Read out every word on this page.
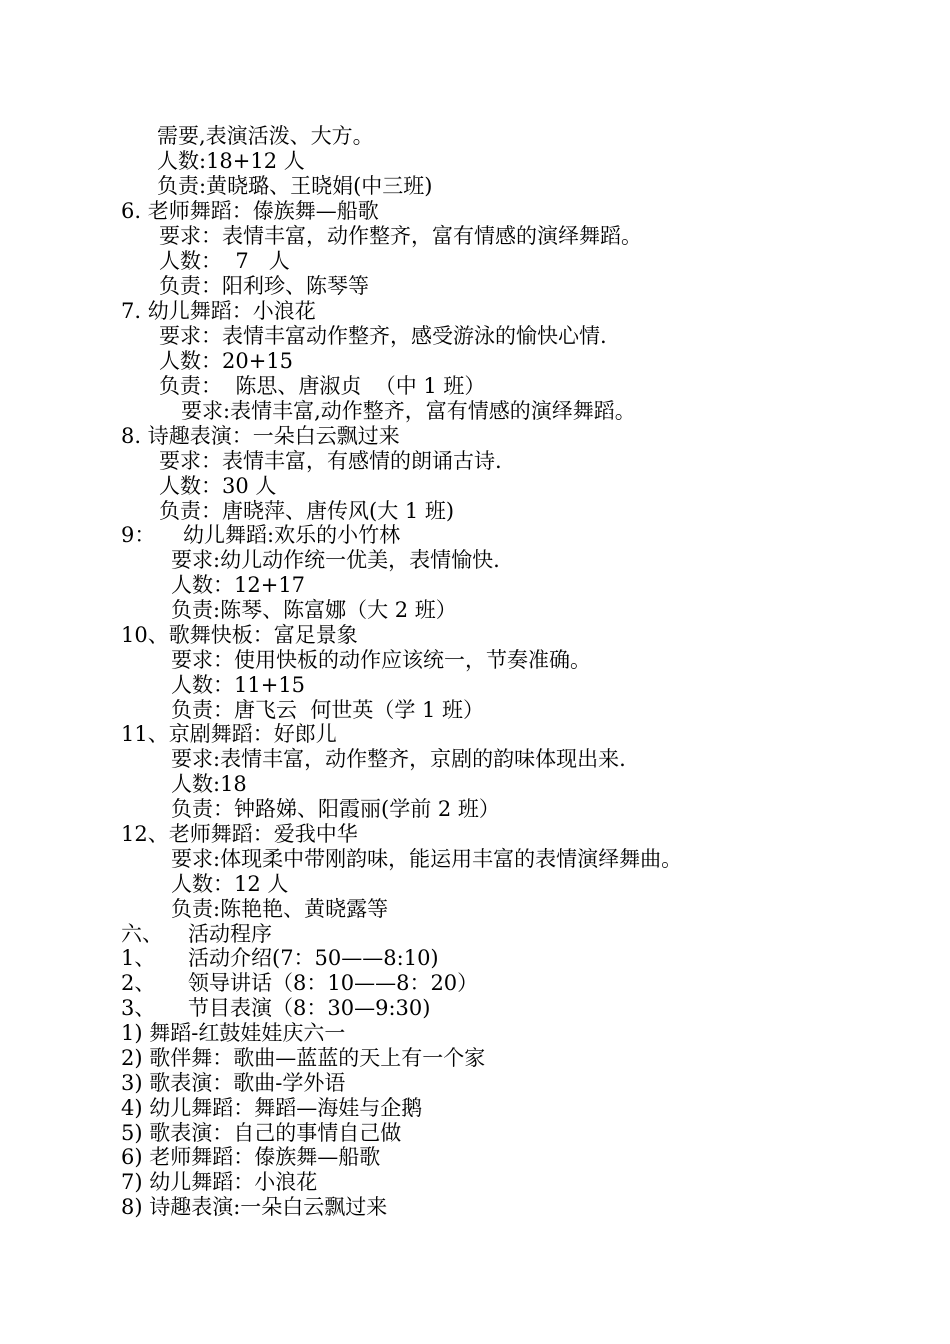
需要,表演活泼、大方。
人数:18+12 人
负责:黄晓璐、王晓娟(中三班)
6. 老师舞蹈：傣族舞—船歌
要求：表情丰富，动作整齐，富有情感的演绎舞蹈。
人数：  7   人
负责：阳利珍、陈琴等
7. 幼儿舞蹈：小浪花
要求：表情丰富动作整齐，感受游泳的愉快心情.
人数：20+15
负责：  陈思、唐淑贞  （中 1 班）
要求:表情丰富,动作整齐，富有情感的演绎舞蹈。
8. 诗趣表演：一朵白云飘过来
要求：表情丰富，有感情的朗诵古诗.
人数：30 人
负责：唐晓萍、唐传风(大 1 班)
9： 幼儿舞蹈:欢乐的小竹林
要求:幼儿动作统一优美，表情愉快.
人数：12+17
负责:陈琴、陈富娜（大 2 班）
10、歌舞快板：富足景象
要求：使用快板的动作应该统一，节奏准确。
人数：11+15
负责：唐飞云  何世英（学 1 班）
11、京剧舞蹈：好郎儿
要求:表情丰富，动作整齐，京剧的韵味体现出来.
人数:18
负责：钟路娣、阳霞丽(学前 2 班）
12、老师舞蹈：爱我中华
要求:体现柔中带刚韵味，能运用丰富的表情演绎舞曲。
人数：12 人
负责:陈艳艳、黄晓露等
六、 活动程序
1、 活动介绍(7：50——8:10)
2、 领导讲话（8：10——8：20）
3、 节目表演（8：30—9:30)
1) 舞蹈-红鼓娃娃庆六一
2) 歌伴舞：歌曲—蓝蓝的天上有一个家
3) 歌表演：歌曲-学外语
4) 幼儿舞蹈：舞蹈—海娃与企鹅
5) 歌表演：自己的事情自己做
6) 老师舞蹈：傣族舞—船歌
7) 幼儿舞蹈：小浪花
8) 诗趣表演:一朵白云飘过来
